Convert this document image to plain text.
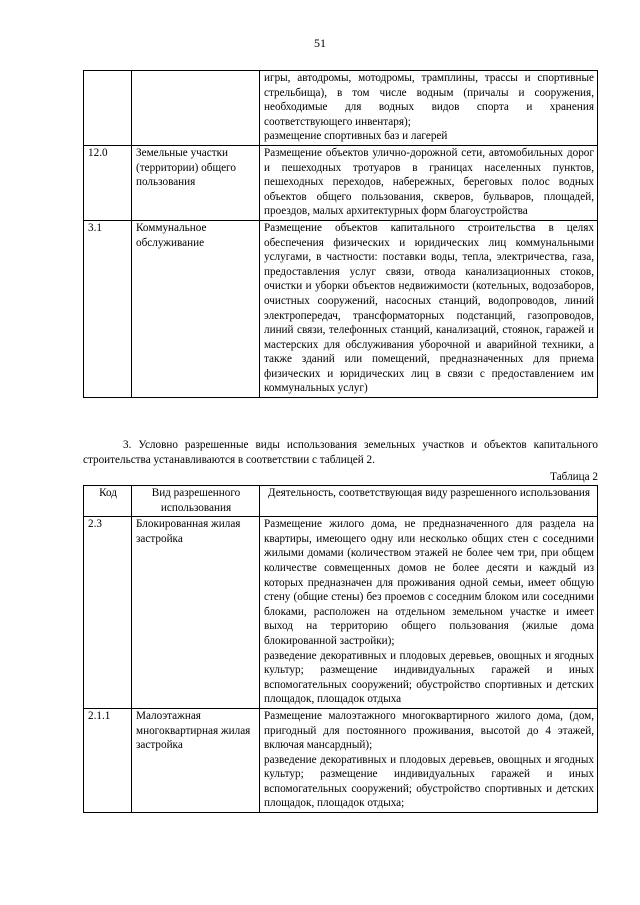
51

		игры, автодромы, мотодромы, трамплины, трассы и спортивные стрельбища), в том числе водным (причалы и сооружения, необходимые для водных видов спорта и хранения соответствующего инвентаря);

размещение спортивных баз и лагерей

12.0	Земельные участки (территории) общего пользования	Размещение объектов улично-дорожной сети, автомобильных дорог и пешеходных тротуаров в границах населенных пунктов, пешеходных переходов, набережных, береговых полос водных объектов общего пользования, скверов, бульваров, площадей, проездов, малых архитектурных форм благоустройства

3.1	Коммунальное обслуживание	Размещение объектов капитального строительства в целях обеспечения физических и юридических лиц коммунальными услугами, в частности: поставки воды, тепла, электричества, газа, предоставления услуг связи, отвода канализационных стоков, очистки и уборки объектов недвижимости (котельных, водозаборов, очистных сооружений, насосных станций, водопроводов, линий электропередач, трансформаторных подстанций, газопроводов, линий связи, телефонных станций, канализаций, стоянок, гаражей и мастерских для обслуживания уборочной и аварийной техники, а также зданий или помещений, предназначенных для приема физических и юридических лиц в связи с предоставлением им коммунальных услуг)

3. Условно разрешенные виды использования земельных участков и объектов капитального строительства устанавливаются в соответствии с таблицей 2.

Таблица 2
Код	Вид разрешенного использования	Деятельность, соответствующая виду разрешенного использования
2.3	Блокированная жилая застройка	Размещение жилого дома, не предназначенного для раздела на квартиры, имеющего одну или несколько общих стен с соседними жилыми домами (количеством этажей не более чем три, при общем количестве совмещенных домов не более десяти и каждый из которых предназначен для проживания одной семьи, имеет общую стену (общие стены) без проемов с соседним блоком или соседними блоками, расположен на отдельном земельном участке и имеет выход на территорию общего пользования (жилые дома блокированной застройки);

разведение декоративных и плодовых деревьев, овощных и ягодных культур; размещение индивидуальных гаражей и иных вспомогательных сооружений; обустройство спортивных и детских площадок, площадок отдыха

2.1.1	Малоэтажная многоквартирная жилая застройка	Размещение малоэтажного многоквартирного жилого дома, (дом, пригодный для постоянного проживания, высотой до 4 этажей, включая мансардный);

разведение декоративных и плодовых деревьев, овощных и ягодных культур; размещение индивидуальных гаражей и иных вспомогательных сооружений; обустройство спортивных и детских площадок, площадок отдыха;
